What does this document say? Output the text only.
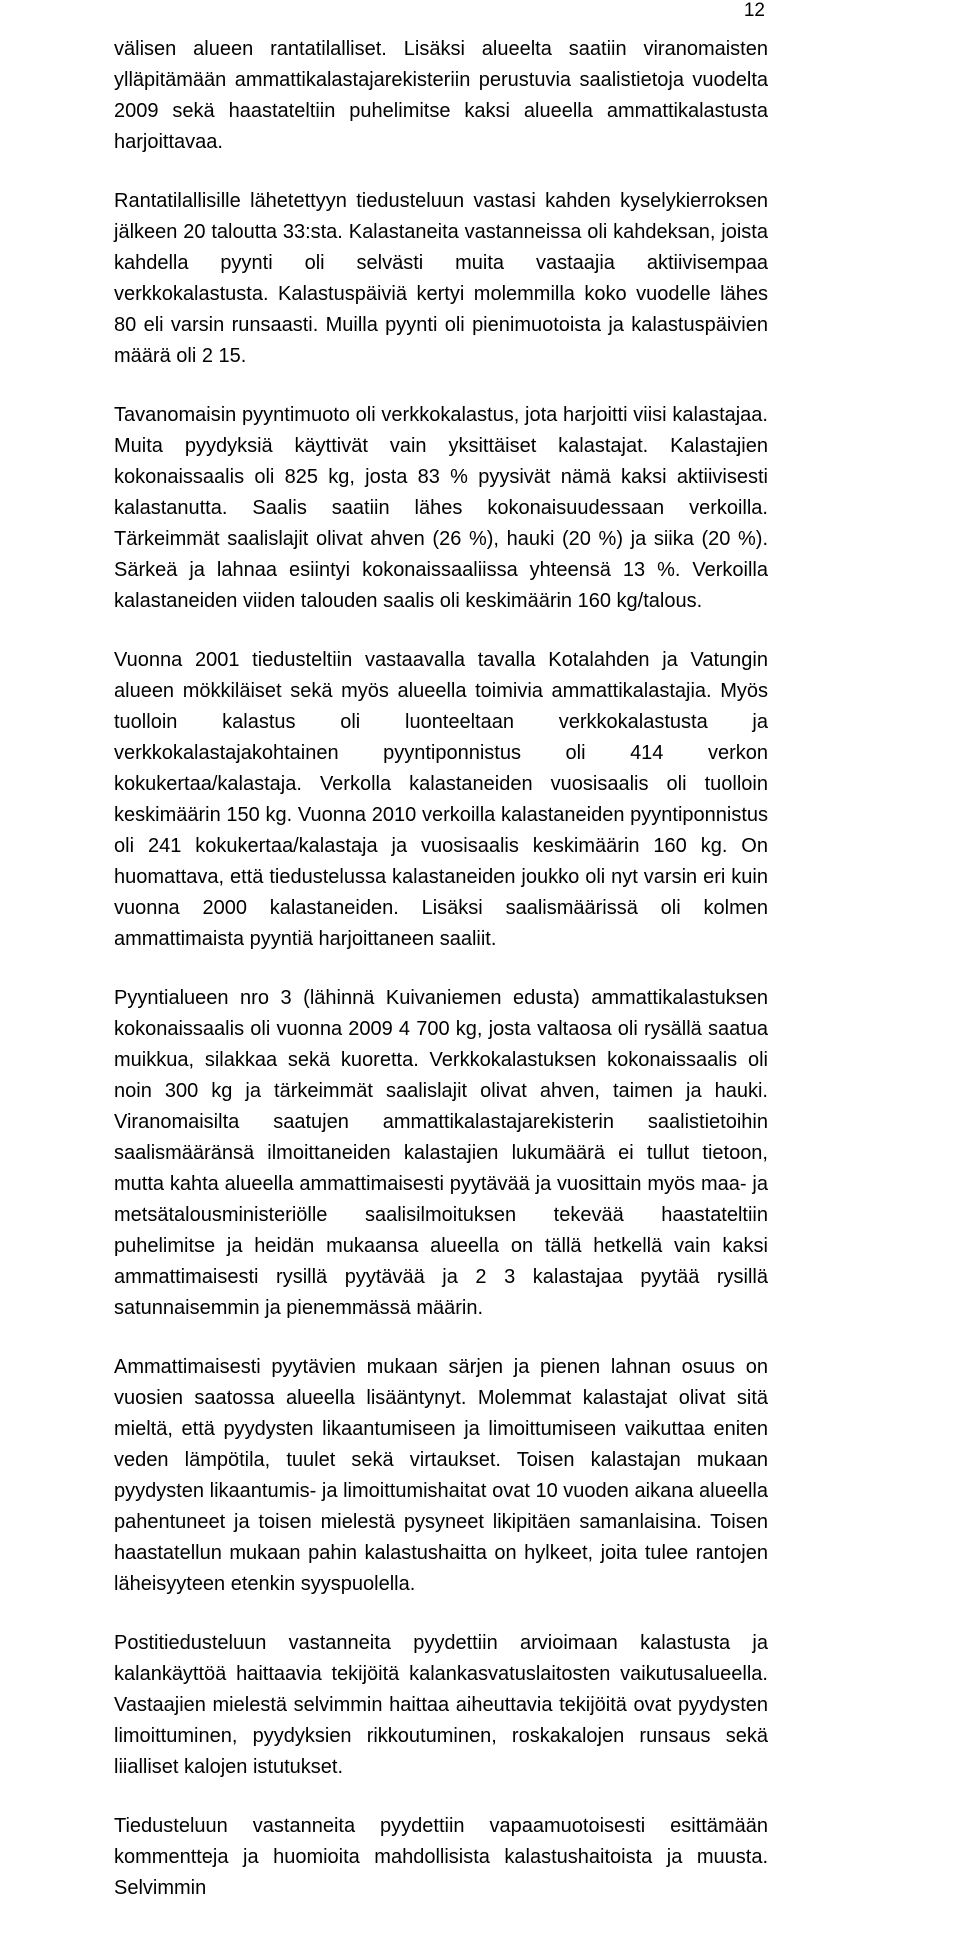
12

välisen alueen rantatilalliset. Lisäksi alueelta saatiin viranomaisten ylläpitämään ammattikalastajarekisteriin perustuvia saalistietoja vuodelta 2009 sekä haastateltiin puhelimitse kaksi alueella ammattikalastusta harjoittavaa.

Rantatilallisille lähetettyyn tiedusteluun vastasi kahden kyselykierroksen jälkeen 20 taloutta 33:sta. Kalastaneita vastanneissa oli kahdeksan, joista kahdella pyynti oli selvästi muita vastaajia aktiivisempaa verkkokalastusta. Kalastuspäiviä kertyi molemmilla koko vuodelle lähes 80 eli varsin runsaasti. Muilla pyynti oli pienimuotoista ja kalastuspäivien määrä oli 2 15.

Tavanomaisin pyyntimuoto oli verkkokalastus, jota harjoitti viisi kalastajaa. Muita pyydyksiä käyttivät vain yksittäiset kalastajat. Kalastajien kokonaissaalis oli 825 kg, josta 83 % pyysivät nämä kaksi aktiivisesti kalastanutta. Saalis saatiin lähes kokonaisuudessaan verkoilla. Tärkeimmät saalislajit olivat ahven (26 %), hauki (20 %) ja siika (20 %). Särkeä ja lahnaa esiintyi kokonaissaaliissa yhteensä 13 %. Verkoilla kalastaneiden viiden talouden saalis oli keskimäärin 160 kg/talous.

Vuonna 2001 tiedusteltiin vastaavalla tavalla Kotalahden ja Vatungin alueen mökkiläiset sekä myös alueella toimivia ammattikalastajia. Myös tuolloin kalastus oli luonteeltaan verkkokalastusta ja verkkokalastajakohtainen pyyntiponnistus oli 414 verkon kokukertaa/kalastaja. Verkolla kalastaneiden vuosisaalis oli tuolloin keskimäärin 150 kg. Vuonna 2010 verkoilla kalastaneiden pyyntiponnistus oli 241 kokukertaa/kalastaja ja vuosisaalis keskimäärin 160 kg. On huomattava, että tiedustelussa kalastaneiden joukko oli nyt varsin eri kuin vuonna 2000 kalastaneiden. Lisäksi saalismäärissä oli kolmen ammattimaista pyyntiä harjoittaneen saaliit.

Pyyntialueen nro 3 (lähinnä Kuivaniemen edusta) ammattikalastuksen kokonaissaalis oli vuonna 2009 4 700 kg, josta valtaosa oli rysällä saatua muikkua, silakkaa sekä kuoretta. Verkkokalastuksen kokonaissaalis oli noin 300 kg ja tärkeimmät saalislajit olivat ahven, taimen ja hauki. Viranomaisilta saatujen ammattikalastajarekisterin saalistietoihin saalismääränsä ilmoittaneiden kalastajien lukumäärä ei tullut tietoon, mutta kahta alueella ammattimaisesti pyytävää ja vuosittain myös maa- ja metsätalousministeriölle saalisilmoituksen tekevää haastateltiin puhelimitse ja heidän mukaansa alueella on tällä hetkellä vain kaksi ammattimaisesti rysillä pyytävää ja 2 3 kalastajaa pyytää rysillä satunnaisemmin ja pienemmässä määrin.

Ammattimaisesti pyytävien mukaan särjen ja pienen lahnan osuus on vuosien saatossa alueella lisääntynyt. Molemmat kalastajat olivat sitä mieltä, että pyydysten likaantumiseen ja limoittumiseen vaikuttaa eniten veden lämpötila, tuulet sekä virtaukset. Toisen kalastajan mukaan pyydysten likaantumis- ja limoittumishaitat ovat 10 vuoden aikana alueella pahentuneet ja toisen mielestä pysyneet likipitäen samanlaisina. Toisen haastatellun mukaan pahin kalastushaitta on hylkeet, joita tulee rantojen läheisyyteen etenkin syyspuolella.

Postitiedusteluun vastanneita pyydettiin arvioimaan kalastusta ja kalankäyttöä haittaavia tekijöitä kalankasvatuslaitosten vaikutusalueella. Vastaajien mielestä selvimmin haittaa aiheuttavia tekijöitä ovat pyydysten limoittuminen, pyydyksien rikkoutuminen, roskakalojen runsaus sekä liialliset kalojen istutukset.

Tiedusteluun vastanneita pyydettiin vapaamuotoisesti esittämään kommentteja ja huomioita mahdollisista kalastushaitoista ja muusta. Selvimmin
